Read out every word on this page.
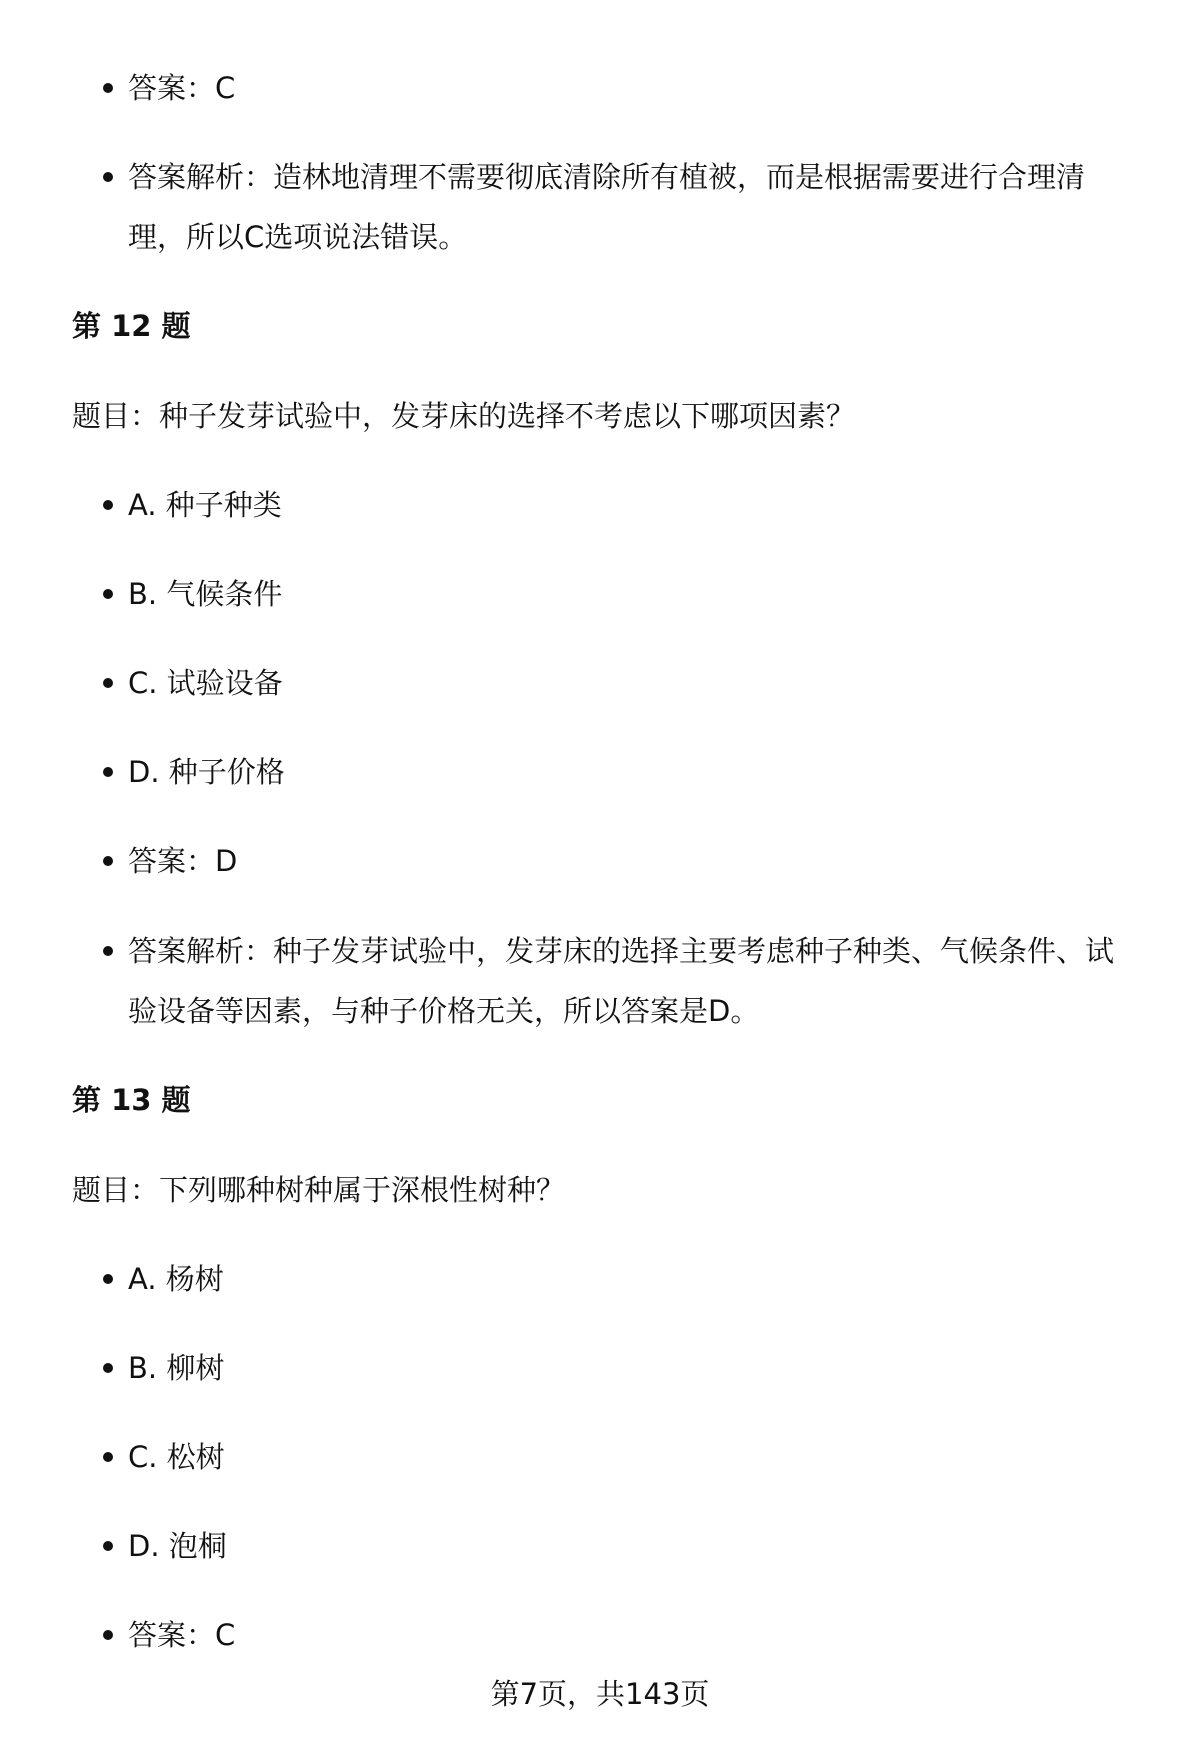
答案：C
答案解析：造林地清理不需要彻底清除所有植被，而是根据需要进行合理清
理，所以C选项说法错误。
第 12 题
题目：种子发芽试验中，发芽床的选择不考虑以下哪项因素？
A. 种子种类
B. 气候条件
C. 试验设备
D. 种子价格
答案：D
答案解析：种子发芽试验中，发芽床的选择主要考虑种子种类、气候条件、试
验设备等因素，与种子价格无关，所以答案是D。
第 13 题
题目：下列哪种树种属于深根性树种？
A. 杨树
B. 柳树
C. 松树
D. 泡桐
答案：C
第7页，共143页
